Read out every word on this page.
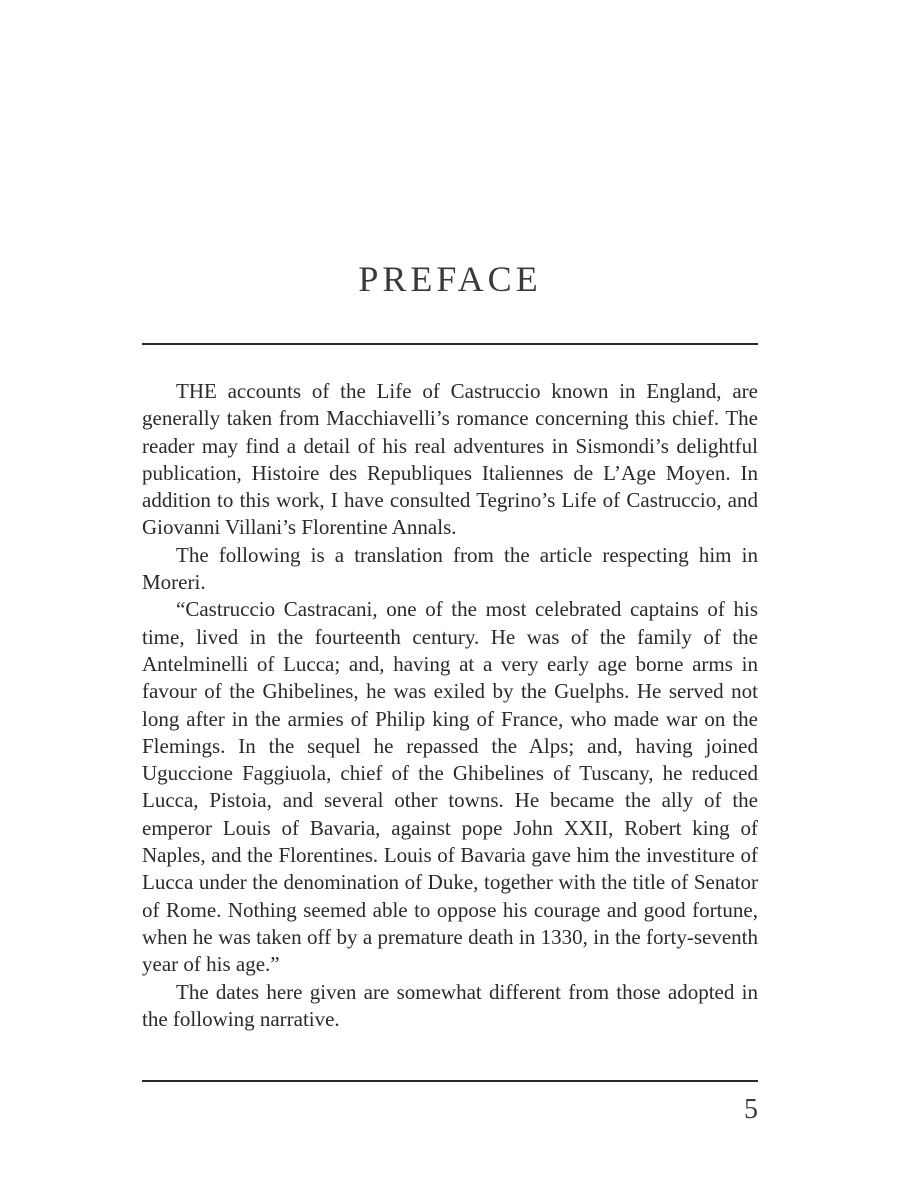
PREFACE

THE accounts of the Life of Castruccio known in England, are generally taken from Macchiavelli’s romance concerning this chief. The reader may find a detail of his real adventures in Sismondi’s delightful publication, Histoire des Republiques Italiennes de L’Age Moyen. In addition to this work, I have consulted Tegrino’s Life of Castruccio, and Giovanni Villani’s Florentine Annals.

The following is a translation from the article respecting him in Moreri.

“Castruccio Castracani, one of the most celebrated captains of his time, lived in the fourteenth century. He was of the family of the Antelminelli of Lucca; and, having at a very early age borne arms in favour of the Ghibelines, he was exiled by the Guelphs. He served not long after in the armies of Philip king of France, who made war on the Flemings. In the sequel he repassed the Alps; and, having joined Uguccione Faggiuola, chief of the Ghibelines of Tuscany, he reduced Lucca, Pistoia, and several other towns. He became the ally of the emperor Louis of Bavaria, against pope John XXII, Robert king of Naples, and the Florentines. Louis of Bavaria gave him the investiture of Lucca under the denomination of Duke, together with the title of Senator of Rome. Nothing seemed able to oppose his courage and good fortune, when he was taken off by a premature death in 1330, in the forty-seventh year of his age.”

The dates here given are somewhat different from those adopted in the following narrative.

5
